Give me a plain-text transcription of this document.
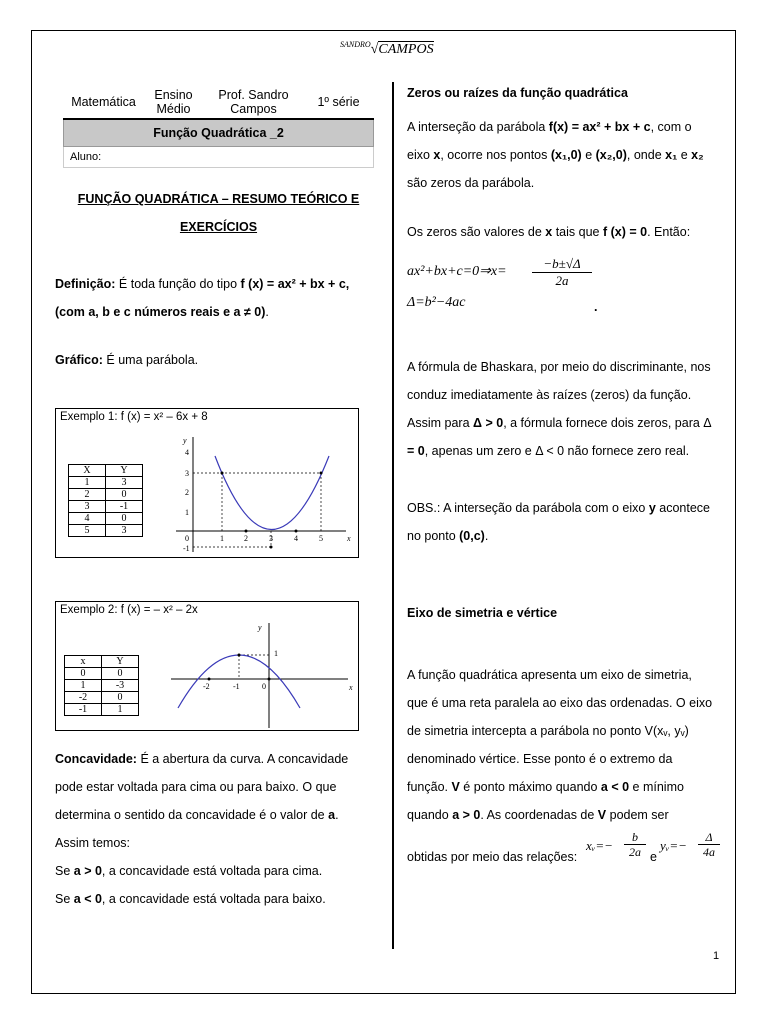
$^{SANDRO}$√CAMPOS
Matemática	Ensino Médio	Prof. Sandro Campos	1º série
Função Quadrática _2
Aluno:
FUNÇÃO QUADRÁTICA – RESUMO TEÓRICO E
EXERCÍCIOS
Definição: É toda função do tipo f (x) = ax² + bx + c,
(com a, b e c números reais e a ≠ 0).
Gráfico: É uma parábola.
Exemplo 1: f (x) = x² – 6x + 8
X	Y
1	3
2	0
3	-1
4	0
5	3
y
x
4
3
2
1
-1
0	1	2	3	4	5
Exemplo 2: f (x) = – x² – 2x
x	Y
0	0
1	-3
-2	0
-1	1
y
x
1
-2	-1	0
Concavidade: É a abertura da curva. A concavidade
pode estar voltada para cima ou para baixo. O que
determina o sentido da concavidade é o valor de a.
Assim temos:
Se a > 0, a concavidade está voltada para cima.
Se a < 0, a concavidade está voltada para baixo.
Zeros ou raízes da função quadrática
A interseção da parábola f(x) = ax² + bx + c, com o
eixo x, ocorre nos pontos (x₁,0) e (x₂,0), onde x₁ e x₂
são zeros da parábola.
Os zeros são valores de x tais que f (x) = 0. Então:
ax²+bx+c=0⇒x= $\frac{-b\pm√\Delta}{2a}$
Δ=b²−4ac	.
A fórmula de Bhaskara, por meio do discriminante, nos
conduz imediatamente às raízes (zeros) da função.
Assim para Δ > 0, a fórmula fornece dois zeros, para Δ
= 0, apenas um zero e Δ < 0 não fornece zero real.
OBS.: A interseção da parábola com o eixo y acontece
no ponto (0,c).
Eixo de simetria e vértice
A função quadrática apresenta um eixo de simetria,
que é uma reta paralela ao eixo das ordenadas. O eixo
de simetria intercepta a parábola no ponto V(xᵥ, yᵥ)
denominado vértice. Esse ponto é o extremo da
função. V é ponto máximo quando a < 0 e mínimo
quando a > 0. As coordenadas de V podem ser
obtidas por meio das relações:
xᵥ=− $\frac{b}{2a}$ e
yᵥ=− $\frac{\Delta}{4a}$
1
